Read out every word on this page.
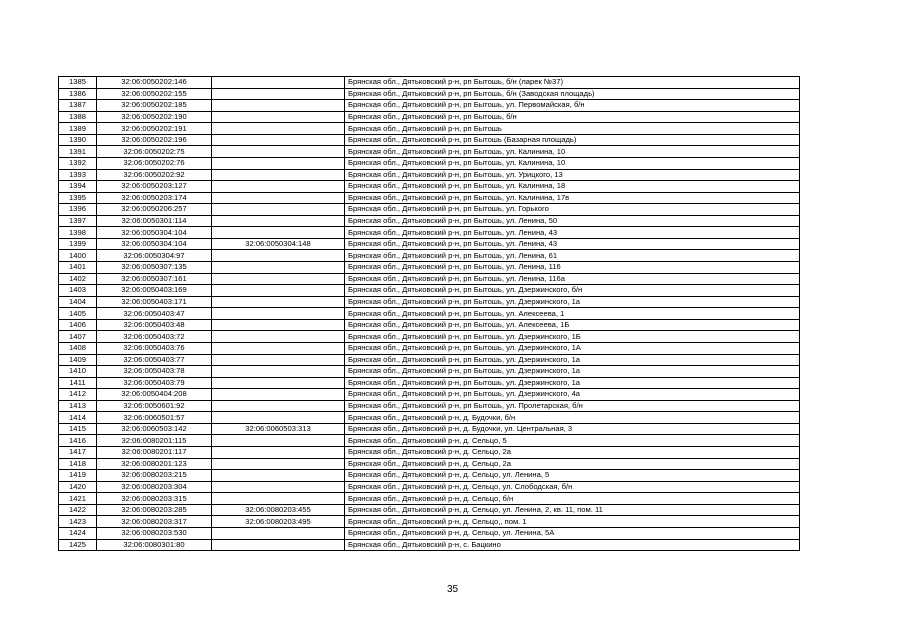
1385	32:06:0050202:146		Брянская обл., Дятьковский р-н, рп Бытошь, б/н (ларек №37)
1386	32:06:0050202:155		Брянская обл., Дятьковский р-н, рп Бытошь, б/н (Заводская площадь)
1387	32:06:0050202:185		Брянская обл., Дятьковский р-н, рп Бытошь, ул. Первомайская, б/н
1388	32:06:0050202:190		Брянская обл., Дятьковский р-н, рп Бытошь, б/н
1389	32:06:0050202:191		Брянская обл., Дятьковский р-н, рп Бытошь
1390	32:06:0050202:196		Брянская обл., Дятьковский р-н, рп Бытошь (Базарная площадь)
1391	32:06:0050202:75		Брянская обл., Дятьковский р-н, рп Бытошь, ул. Калинина, 10
1392	32:06:0050202:76		Брянская обл., Дятьковский р-н, рп Бытошь, ул. Калинина, 10
1393	32:06:0050202:92		Брянская обл., Дятьковский р-н, рп Бытошь, ул. Урицкого, 13
1394	32:06:0050203:127		Брянская обл., Дятьковский р-н, рп Бытошь, ул. Калинина, 18
1395	32:06:0050203:174		Брянская обл., Дятьковский р-н, рп Бытошь, ул. Калинина, 17в
1396	32:06:0050206:257		Брянская обл., Дятьковский р-н, рп Бытошь, ул. Горького
1397	32:06:0050301:114		Брянская обл., Дятьковский р-н, рп Бытошь, ул. Ленина, 50
1398	32:06:0050304:104		Брянская обл., Дятьковский р-н, рп Бытошь, ул. Ленина, 43
1399	32:06:0050304:104	32:06:0050304:148	Брянская обл., Дятьковский р-н, рп Бытошь, ул. Ленина, 43
1400	32:06:0050304:97		Брянская обл., Дятьковский р-н, рп Бытошь, ул. Ленина, 61
1401	32:06:0050307:135		Брянская обл., Дятьковский р-н, рп Бытошь, ул. Ленина, 116
1402	32:06:0050307:161		Брянская обл., Дятьковский р-н, рп Бытошь, ул. Ленина, 116а
1403	32:06:0050403:169		Брянская обл., Дятьковский р-н, рп Бытошь, ул. Дзержинского, б/н
1404	32:06:0050403:171		Брянская обл., Дятьковский р-н, рп Бытошь, ул. Дзержинского, 1а
1405	32:06:0050403:47		Брянская обл., Дятьковский р-н, рп Бытошь, ул. Алексеева, 1
1406	32:06:0050403:48		Брянская обл., Дятьковский р-н, рп Бытошь, ул. Алексеева, 1Б
1407	32:06:0050403:72		Брянская обл., Дятьковский р-н, рп Бытошь, ул. Дзержинского, 1Б
1408	32:06:0050403:76		Брянская обл., Дятьковский р-н, рп Бытошь, ул. Дзержинского, 1А
1409	32:06:0050403:77		Брянская обл., Дятьковский р-н, рп Бытошь, ул. Дзержинского, 1а
1410	32:06:0050403:78		Брянская обл., Дятьковский р-н, рп Бытошь, ул. Дзержинского, 1а
1411	32:06:0050403:79		Брянская обл., Дятьковский р-н, рп Бытошь, ул. Дзержинского, 1а
1412	32:06:0050404:208		Брянская обл., Дятьковский р-н, рп Бытошь, ул. Дзержинского, 4а
1413	32:06:0050601:92		Брянская обл., Дятьковский р-н, рп Бытошь, ул. Пролетарская, б/н
1414	32:06:0060501:57		Брянская обл., Дятьковский р-н, д. Будочки, б/н
1415	32:06:0060503:142	32:06:0060503:313	Брянская обл., Дятьковский р-н, д. Будочки, ул. Центральная, 3
1416	32:06:0080201:115		Брянская обл., Дятьковский р-н, д. Сельцо, 5
1417	32:06:0080201:117		Брянская обл., Дятьковский р-н, д. Сельцо, 2а
1418	32:06:0080201:123		Брянская обл., Дятьковский р-н, д. Сельцо, 2а
1419	32:06:0080203:215		Брянская обл., Дятьковский р-н, д. Сельцо, ул. Ленина, 5
1420	32:06:0080203:304		Брянская обл., Дятьковский р-н, д. Сельцо, ул. Слободская, б/н
1421	32:06:0080203:315		Брянская обл., Дятьковский р-н, д. Сельцо, б/н
1422	32:06:0080203:285	32:06:0080203:455	Брянская обл., Дятьковский р-н, д. Сельцо, ул. Ленина, 2, кв. 11, пом. 11
1423	32:06:0080203:317	32:06:0080203:495	Брянская обл., Дятьковский р-н, д. Сельцо,, пом. 1
1424	32:06:0080203:530		Брянская обл., Дятьковский р-н, д. Сельцо, ул. Ленина, 5А
1425	32:06:0080301:80		Брянская обл., Дятьковский р-н, с. Бацкино
35
